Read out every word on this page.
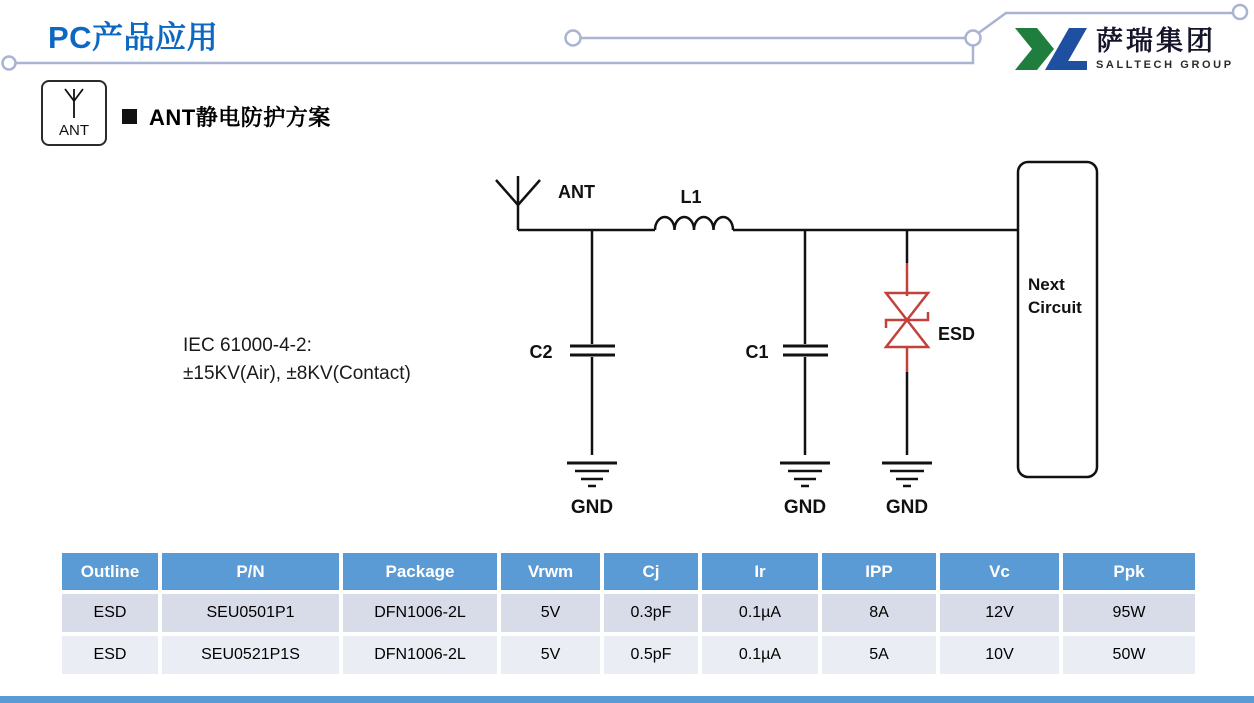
PC产品应用	萨瑞集团
SALLTECH GROUP
ANT
ANT静电防护方案
IEC 61000-4-2:
±15KV(Air), ±8KV(Contact)
ANT	L1
C2	C1
ESD
GND	GND	GND
Next
Circuit
Outline	P/N	Package	Vrwm	Cj	Ir	IPP	Vc	Ppk
ESD	SEU0501P1	DFN1006-2L	5V	0.3pF	0.1µA	8A	12V	95W
ESD	SEU0521P1S	DFN1006-2L	5V	0.5pF	0.1µA	5A	10V	50W
